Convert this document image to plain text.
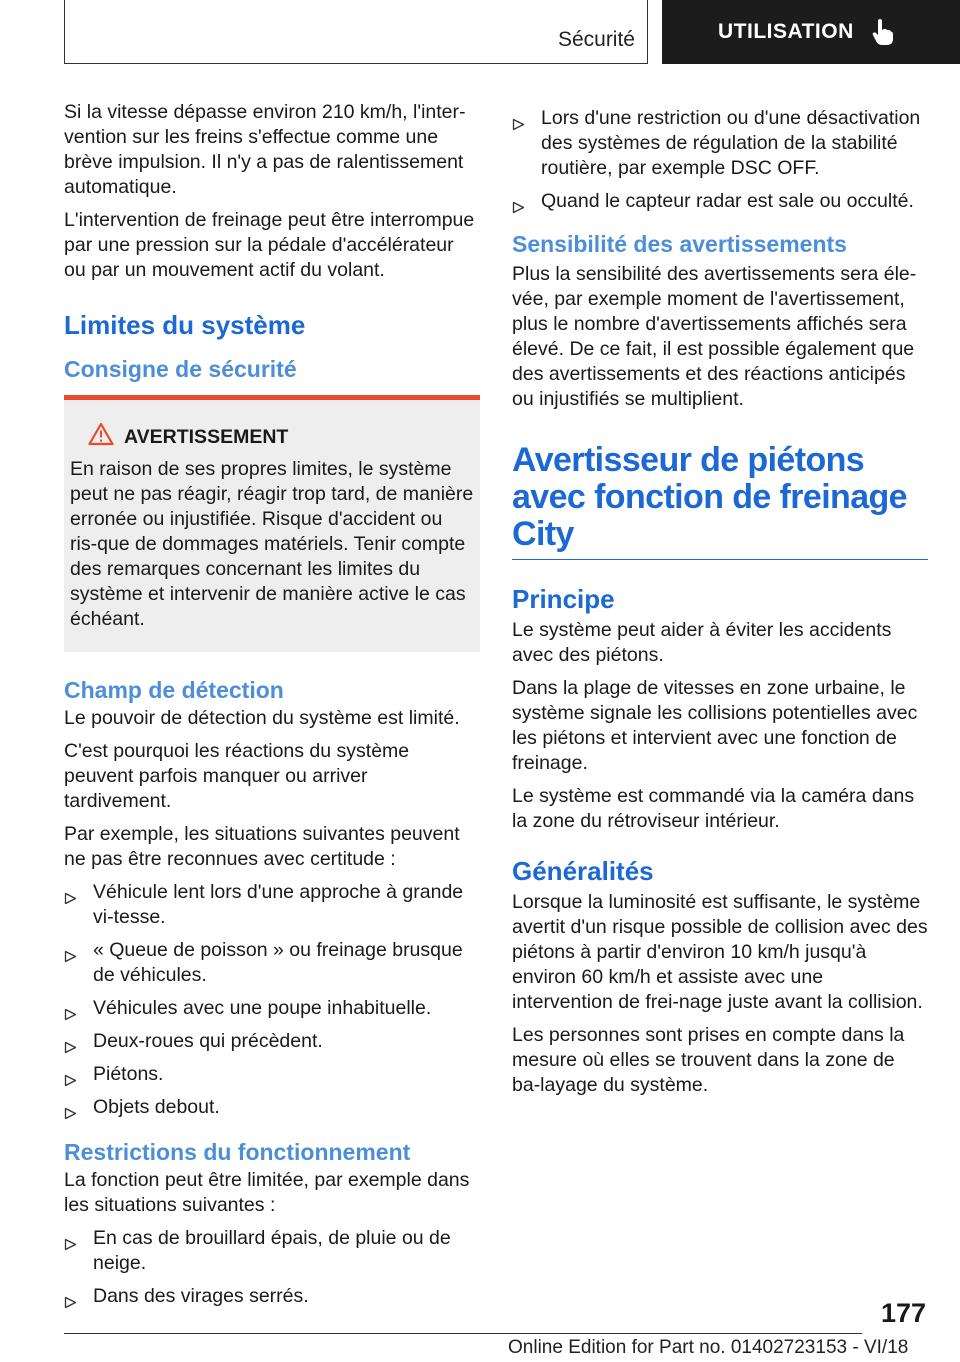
Sécurité	UTILISATION

Si la vitesse dépasse environ 210 km/h, l'inter‐vention sur les freins s'effectue comme une brève impulsion. Il n'y a pas de ralentissement automatique.

L'intervention de freinage peut être interrompue par une pression sur la pédale d'accélérateur ou par un mouvement actif du volant.

Limites du système
Consigne de sécurité
AVERTISSEMENT

En raison de ses propres limites, le système peut ne pas réagir, réagir trop tard, de manière erronée ou injustifiée. Risque d'accident ou ris‐que de dommages matériels. Tenir compte des remarques concernant les limites du système et intervenir de manière active le cas échéant.

Champ de détection

Le pouvoir de détection du système est limité.

C'est pourquoi les réactions du système peuvent parfois manquer ou arriver tardivement.

Par exemple, les situations suivantes peuvent ne pas être reconnues avec certitude :

Véhicule lent lors d'une approche à grande vi‐tesse.
« Queue de poisson » ou freinage brusque de véhicules.
Véhicules avec une poupe inhabituelle.
Deux-roues qui précèdent.
Piétons.
Objets debout.
Restrictions du fonctionnement

La fonction peut être limitée, par exemple dans les situations suivantes :

En cas de brouillard épais, de pluie ou de neige.
Dans des virages serrés.
Lors d'une restriction ou d'une désactivation des systèmes de régulation de la stabilité routière, par exemple DSC OFF.
Quand le capteur radar est sale ou occulté.
Sensibilité des avertissements

Plus la sensibilité des avertissements sera éle‐vée, par exemple moment de l'avertissement, plus le nombre d'avertissements affichés sera élevé. De ce fait, il est possible également que des avertissements et des réactions anticipés ou injustifiés se multiplient.

Avertisseur de piétons avec fonction de freinage City
Principe

Le système peut aider à éviter les accidents avec des piétons.

Dans la plage de vitesses en zone urbaine, le système signale les collisions potentielles avec les piétons et intervient avec une fonction de freinage.

Le système est commandé via la caméra dans la zone du rétroviseur intérieur.

Généralités

Lorsque la luminosité est suffisante, le système avertit d'un risque possible de collision avec des piétons à partir d'environ 10 km/h jusqu'à environ 60 km/h et assiste avec une intervention de frei‐nage juste avant la collision.

Les personnes sont prises en compte dans la mesure où elles se trouvent dans la zone de ba‐layage du système.

177
Online Edition for Part no. 01402723153 - VI/18
